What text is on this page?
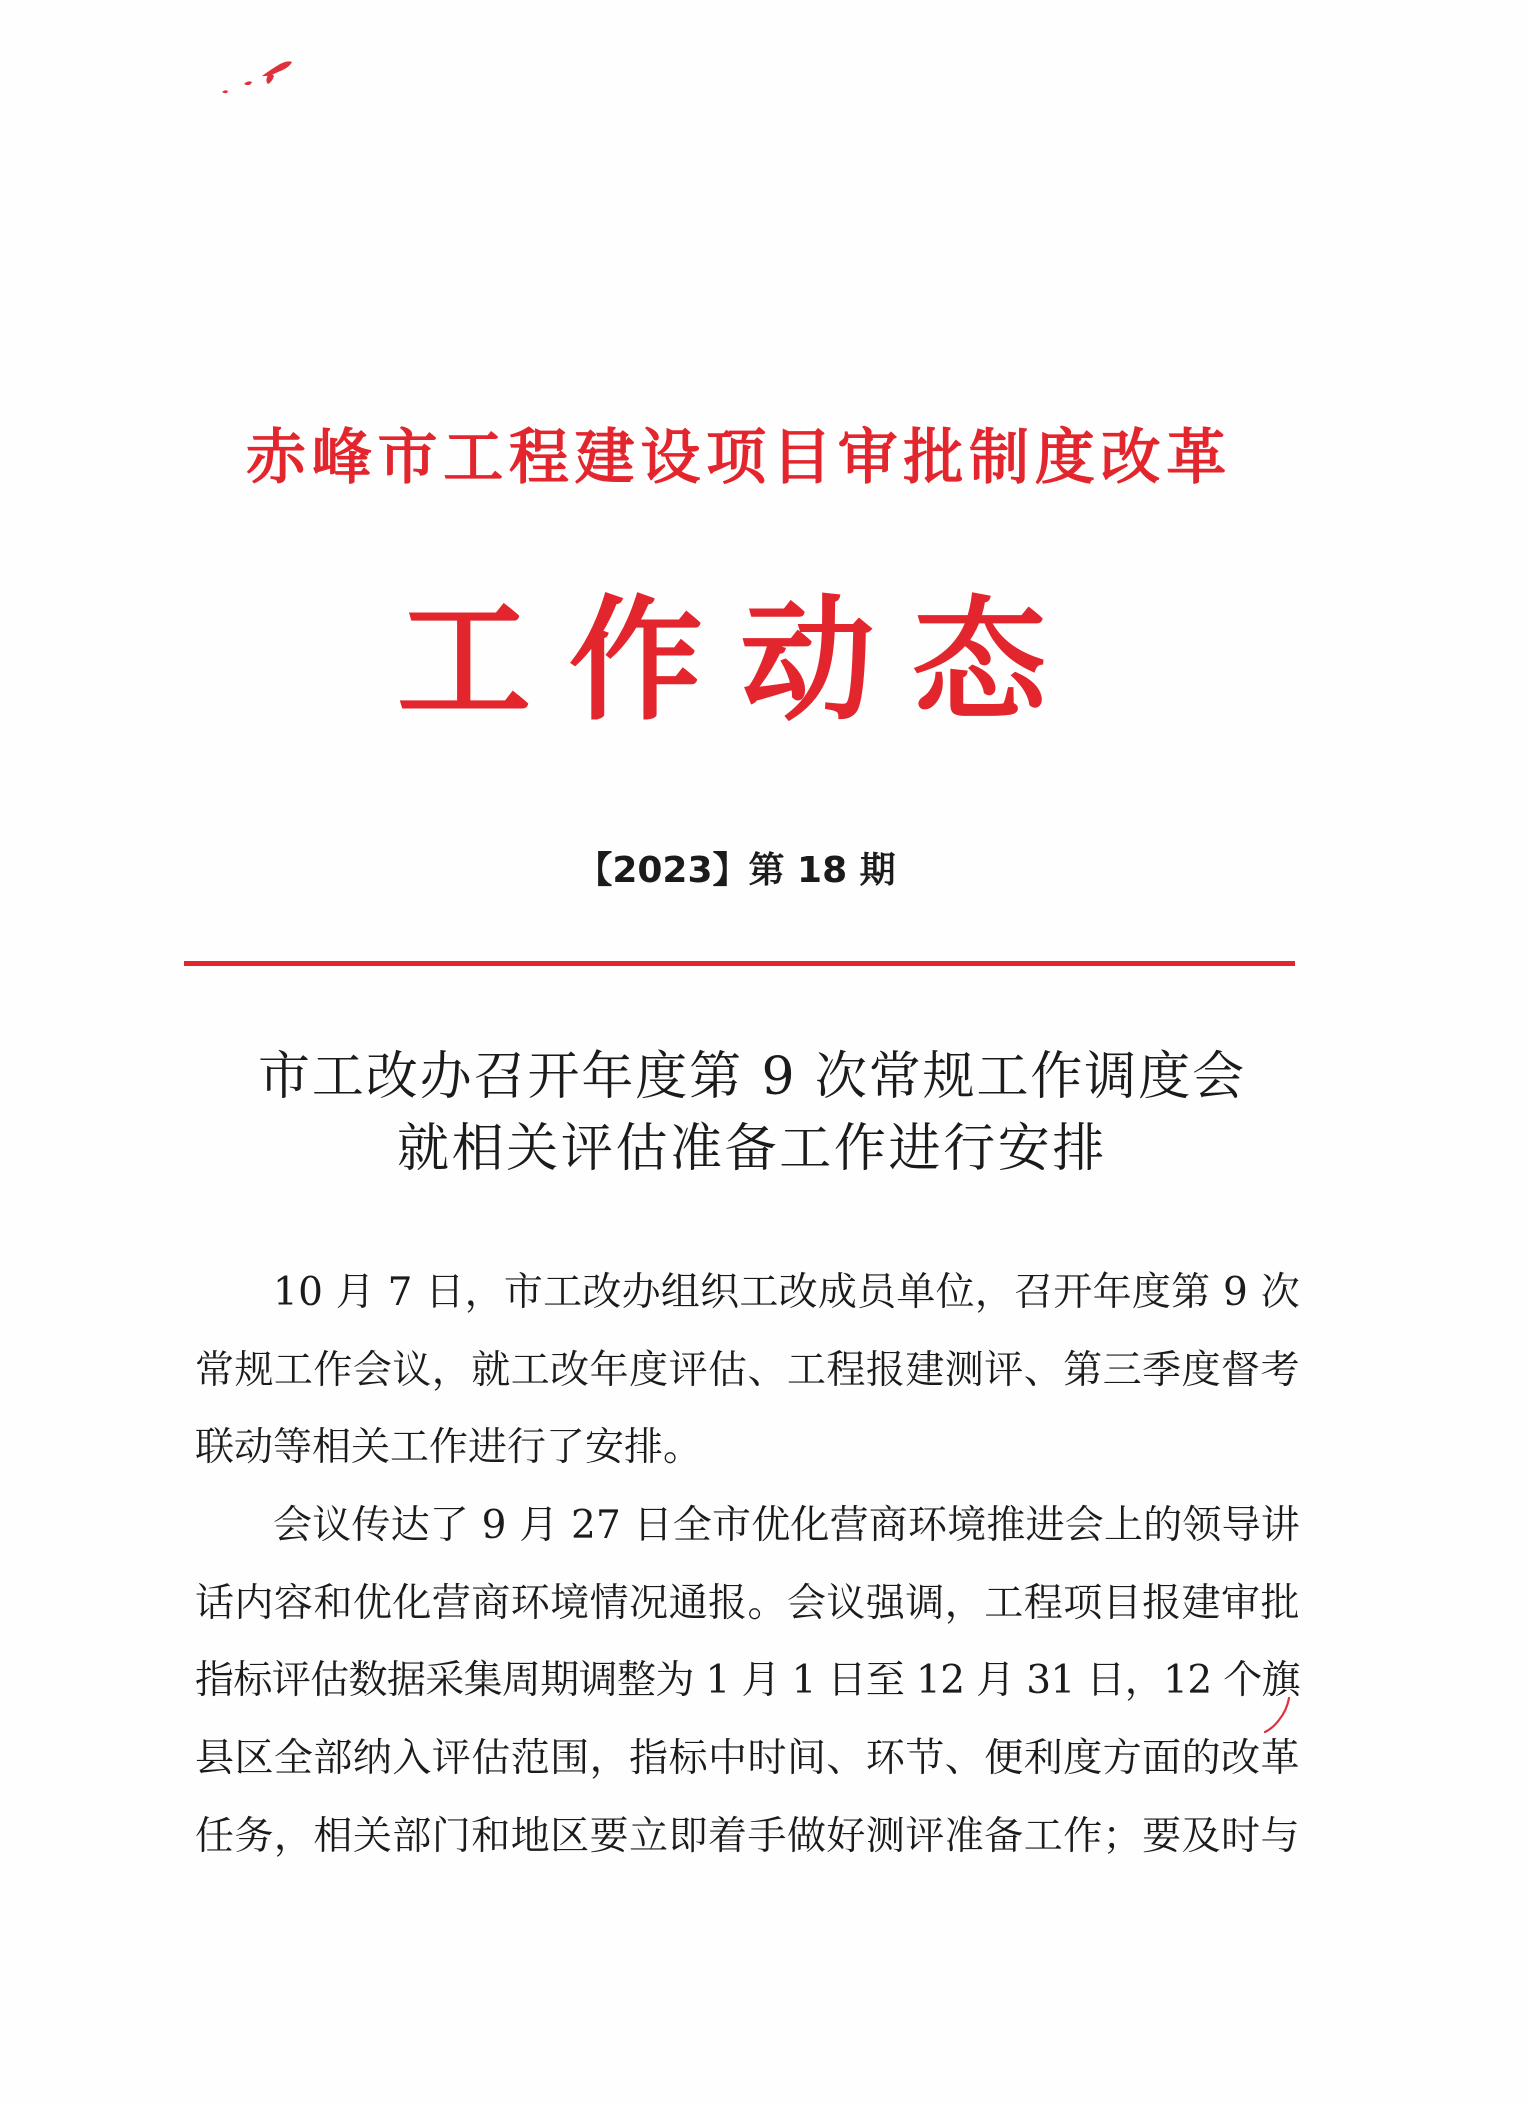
赤峰市工程建设项目审批制度改革
工作动态
【2023】第 18 期
市工改办召开年度第 9 次常规工作调度会
就相关评估准备工作进行安排
10 月 7 日，市工改办组织工改成员单位，召开年度第 9 次
常规工作会议，就工改年度评估、工程报建测评、第三季度督考
联动等相关工作进行了安排。
会议传达了 9 月 27 日全市优化营商环境推进会上的领导讲
话内容和优化营商环境情况通报。会议强调，工程项目报建审批
指标评估数据采集周期调整为 1 月 1 日至 12 月 31 日，12 个旗
县区全部纳入评估范围，指标中时间、环节、便利度方面的改革
任务，相关部门和地区要立即着手做好测评准备工作；要及时与
